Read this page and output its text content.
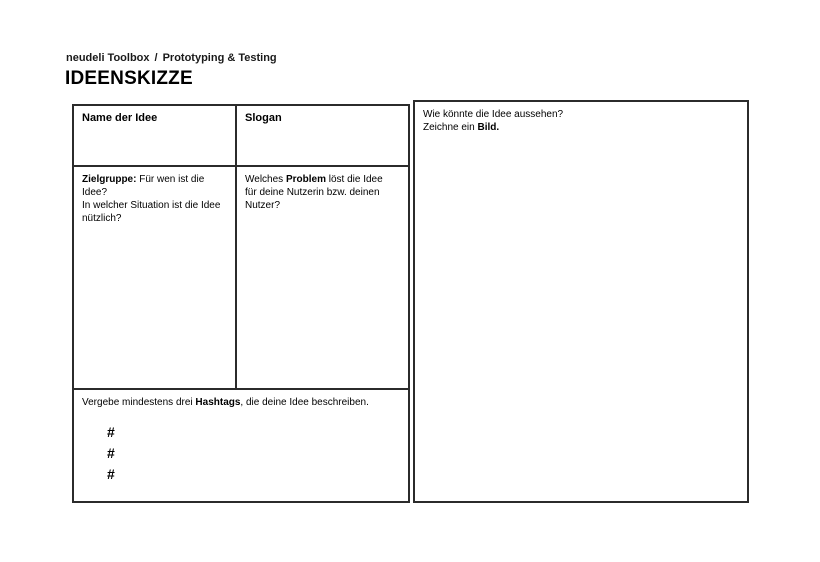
neudeli Toolbox / Prototyping & Testing
IDEENSKIZZE
Name der Idee	Slogan
Zielgruppe: Für wen ist die Idee?
In welcher Situation ist die Idee
nützlich?
Welches Problem löst die Idee
für deine Nutzerin bzw. deinen
Nutzer?
Vergebe mindestens drei Hashtags, die deine Idee beschreiben.
#
#
#
Wie könnte die Idee aussehen?
Zeichne ein Bild.
